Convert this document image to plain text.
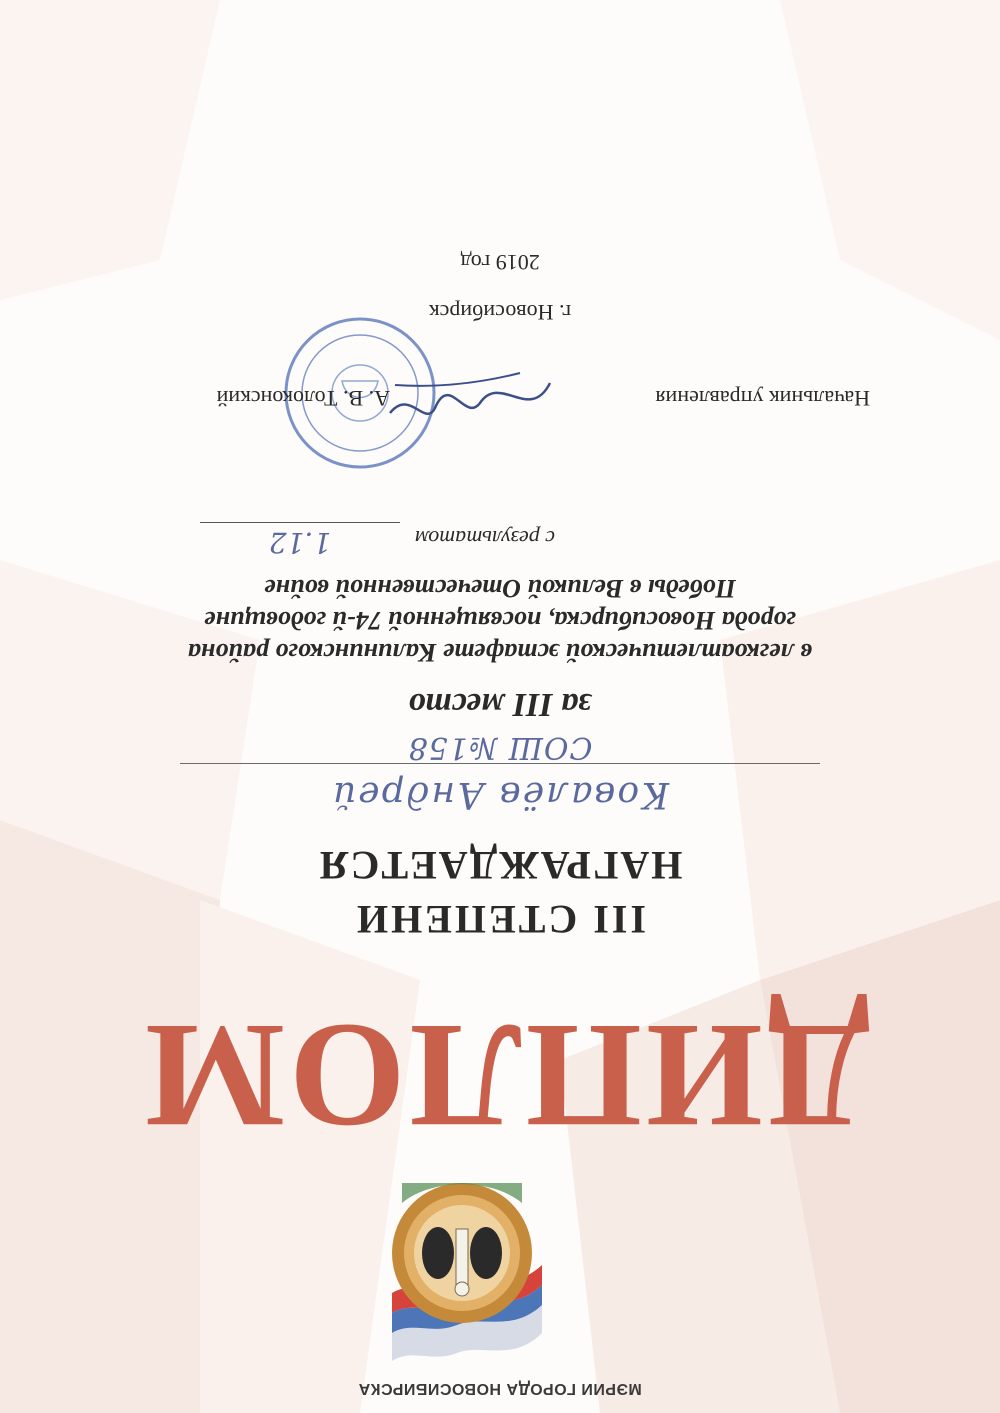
МЭРИИ ГОРОДА НОВОСИБИРСКА
ДИПЛОМ
III СТЕПЕНИ
НАГРАЖДАЕТСЯ
Ковалёв Андрей
СОШ №158
за III место
в легкоатлетической эстафете Калининского района
города Новосибирска, посвященной 74-й годовщине
Победы в Великой Отечественной войне
с результатом
1.12
Начальник управления
А. В. Толоконский
г. Новосибирск
2019 год
